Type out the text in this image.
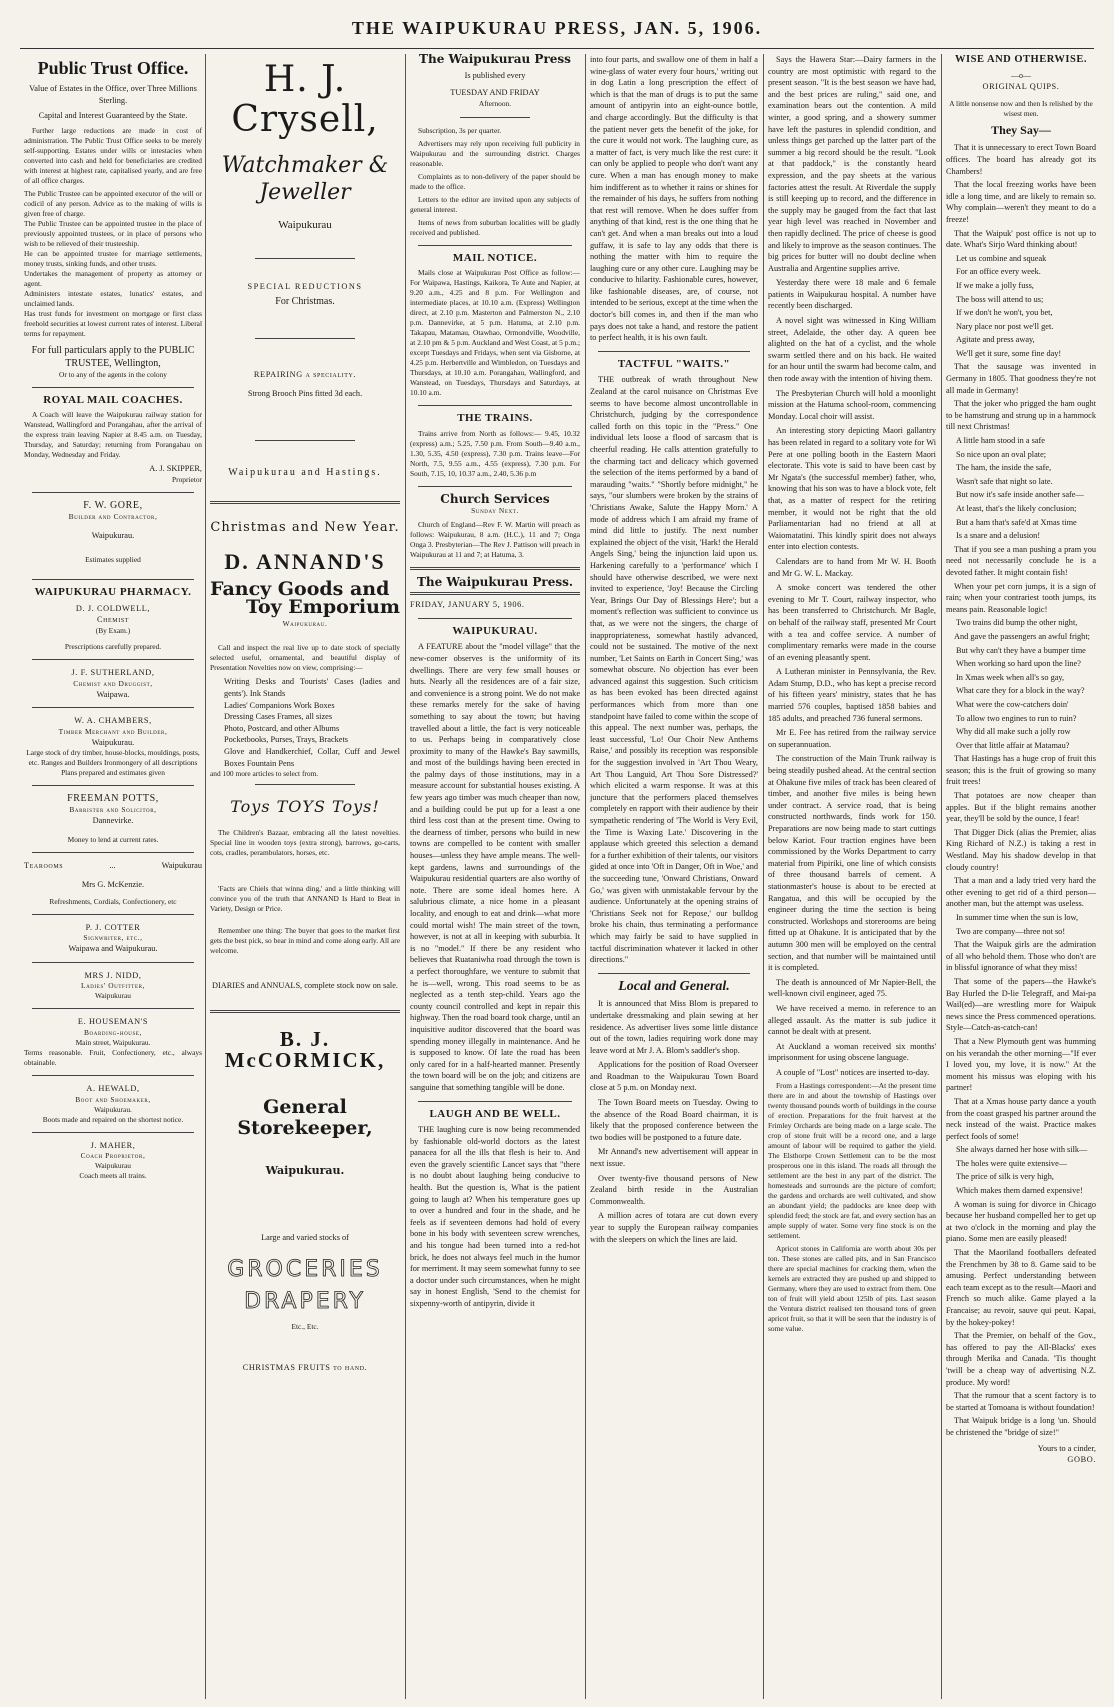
THE WAIPUKURAU PRESS, JAN. 5, 1906.
Public Trust Office.
Value of Estates in the Office, over Three Millions Sterling.
Capital and Interest Guaranteed by the State.

Further large reductions are made in cost of administration. The Public Trust Office seeks to be merely self-supporting. Estates under wills or intestacies when converted into cash and held for beneficiaries are credited with interest at highest rate, capitalised yearly, and are free of all office charges.

The Public Trustee can be appointed executor of the will or codicil of any person. Advice as to the making of wills is given free of charge.
The Public Trustee can be appointed trustee in the place of previously appointed trustees, or in place of persons who wish to be relieved of their trusteeship.
He can be appointed trustee for marriage settlements, money trusts, sinking funds, and other trusts.
Undertakes the management of property as attorney or agent.
Administers intestate estates, lunatics' estates, and unclaimed lands.
Has trust funds for investment on mortgage or first class freehold securities at lowest current rates of interest. Liberal terms for repayment.
For full particulars apply to the PUBLIC TRUSTEE, Wellington,
Or to any of the agents in the colony
ROYAL MAIL COACHES.

A Coach will leave the Waipukurau railway station for Wanstead, Wallingford and Porangahau, after the arrival of the express train leaving Napier at 8.45 a.m. on Tuesday, Thursday, and Saturday; returning from Porangahau on Monday, Wednesday and Friday.

A. J. SKIPPER,
Proprietor
F. W. GORE,
Builder and Contractor,
Waipukurau.
Estimates supplied
WAIPUKURAU PHARMACY.
D. J. COLDWELL,
Chemist
(By Exam.)
Prescriptions carefully prepared.
J. F. SUTHERLAND,
Chemist and Druggist,
Waipawa.
W. A. CHAMBERS,
Timber Merchant and Builder,
Waipukurau.
Large stock of dry timber, house-blocks, mouldings, posts, etc. Ranges and Builders Ironmongery of all descriptions
Plans prepared and estimates given
FREEMAN POTTS,
Barrister and Solicitor,
Dannevirke.
Money to lend at current rates.
Tearooms	...	Waipukurau
Mrs G. McKenzie.
Refreshments, Cordials, Confectionery, etc
P. J. COTTER
Signwriter, etc.,
Waipawa and Waipukurau.
MRS J. NIDD,
Ladies' Outfitter,
Waipukurau
E. HOUSEMAN'S
Boarding-house,
Main street, Waipukurau.
Terms reasonable. Fruit, Confectionery, etc., always obtainable.
A. HEWALD,
Boot and Shoemaker,
Waipukurau.
Boots made and repaired on the shortest notice.
J. MAHER,
Coach Proprietor,
Waipukurau
Coach meets all trains.
H. J. Crysell,
Watchmaker & Jeweller
Waipukurau
SPECIAL REDUCTIONS
For Christmas.
REPAIRING a speciality.
Strong Brooch Pins fitted 3d each.
Waipukurau and Hastings.
Christmas and New Year.
D. ANNAND'S
Fancy Goods and
Toy Emporium
Waipukurau.

Call and inspect the real live up to date stock of specially selected useful, ornamental, and beautiful display of Presentation Novelties now on view, comprising:—

Writing Desks and Tourists' Cases (ladies and gents'). Ink Stands
Ladies' Companions Work Boxes
Dressing Cases Frames, all sizes
Photo, Postcard, and other Albums
Pocketbooks, Purses, Trays, Brackets
Glove and Handkerchief, Collar, Cuff and Jewel Boxes Fountain Pens
and 100 more articles to select from.
Toys TOYS Toys!

The Children's Bazaar, embracing all the latest novelties. Special line in wooden toys (extra strong), barrows, go-carts, cots, cradles, perambulators, horses, etc.

'Facts are Chiels that winna ding,' and a little thinking will convince you of the truth that ANNAND Is Hard to Beat in Variety, Design or Price.

Remember one thing: The buyer that goes to the market first gets the best pick, so bear in mind and come along early. All are welcome.

DIARIES and ANNUALS, complete stock now on sale.
B. J. McCORMICK,
General Storekeeper,
Waipukurau.
Large and varied stocks of
GROCERIES
DRAPERY
Etc., Etc.
CHRISTMAS FRUITS to hand.
The Waipukurau Press
Is published every
TUESDAY AND FRIDAY
Afternoon.

Subscription, 3s per quarter.

Advertisers may rely upon receiving full publicity in Waipukurau and the surrounding district. Charges reasonable.

Complaints as to non-delivery of the paper should be made to the office.

Letters to the editor are invited upon any subjects of general interest.

Items of news from suburban localities will be gladly received and published.

MAIL NOTICE.

Mails close at Waipukurau Post Office as follow:— For Waipawa, Hastings, Kaikora, Te Aute and Napier, at 9.20 a.m., 4.25 and 8 p.m. For Wellington and intermediate places, at 10.10 a.m. (Express) Wellington direct, at 2.10 p.m. Masterton and Palmerston N., 2.10 p.m. Dannevirke, at 5 p.m. Hatuma, at 2.10 p.m. Takapau, Matamau, Otawhao, Ormondville, Woodville, at 2.10 pm & 5 p.m. Auckland and West Coast, at 5 p.m.; except Tuesdays and Fridays, when sent via Gisborne, at 4.25 p.m. Herbertville and Wimbledon, on Tuesdays and Thursdays, at 10.10 a.m. Porangahau, Wallingford, and Wanstead, on Tuesdays, Thursdays and Saturdays, at 10.10 a.m.

THE TRAINS.

Trains arrive from North as follows:— 9.45, 10.32 (express) a.m.; 5.25, 7.50 p.m. From South—9.40 a.m., 1.30, 5.35, 4.50 (express), 7.30 p.m. Trains leave—For North, 7.5, 9.55 a.m., 4.55 (express), 7.30 p.m. For South, 7.15, 10, 10.37 a.m., 2.40, 5.36 p.m

Church Services
Sunday Next.

Church of England—Rev F. W. Martin will preach as follows: Waipukurau, 8 a.m. (H.C.), 11 and 7; Onga Onga 3. Presbyterian—The Rev J. Pattison will preach in Waipukurau at 11 and 7; at Hatuma, 3.

The Waipukurau Press.
FRIDAY, JANUARY 5, 1906.
WAIPUKURAU.

A FEATURE about the "model village" that the new-comer observes is the uniformity of its dwellings. There are very few small houses or huts. Nearly all the residences are of a fair size, and convenience is a strong point. We do not make these remarks merely for the sake of having something to say about the town; but having travelled about a little, the fact is very noticeable to us. Perhaps being in comparatively close proximity to many of the Hawke's Bay sawmills, and most of the buildings having been erected in the palmy days of those institutions, may in a measure account for substantial houses existing. A few years ago timber was much cheaper than now, and a building could be put up for a least a one third less cost than at the present time. Owing to the dearness of timber, persons who build in new towns are compelled to be content with smaller houses—unless they have ample means. The well-kept gardens, lawns and surroundings of the Waipukurau residential quarters are also worthy of note. There are some ideal homes here. A salubrious climate, a nice home in a pleasant locality, and enough to eat and drink—what more could mortal wish! The main street of the town, however, is not at all in keeping with suburbia. It is no "model." If there be any resident who believes that Ruataniwha road through the town is a perfect thoroughfare, we venture to submit that he is—well, wrong. This road seems to be as neglected as a tenth step-child. Years ago the county council controlled and kept in repair this highway. Then the road board took charge, until an inquisitive auditor discovered that the board was spending money illegally in maintenance. And he is supposed to know. Of late the road has been only cared for in a half-hearted manner. Presently the town board will be on the job; and citizens are sanguine that something tangible will be done.

LAUGH AND BE WELL.

THE laughing cure is now being recommended by fashionable old-world doctors as the latest panacea for all the ills that flesh is heir to. And even the gravely scientific Lancet says that "there is no doubt about laughing being conducive to health. But the question is, What is the patient going to laugh at? When his temperature goes up to over a hundred and four in the shade, and he feels as if seventeen demons had hold of every bone in his body with seventeen screw wrenches, and his tongue had been turned into a red-hot brick, he does not always feel much in the humor for merriment. It may seem somewhat funny to see a doctor under such circumstances, when he might say in honest English, 'Send to the chemist for sixpenny-worth of antipyrin, divide it

into four parts, and swallow one of them in half a wine-glass of water every four hours,' writing out in dog Latin a long prescription the effect of which is that the man of drugs is to put the same amount of antipyrin into an eight-ounce bottle, and charge accordingly. But the difficulty is that the patient never gets the benefit of the joke, for the cure it would not work. The laughing cure, as a matter of fact, is very much like the rest cure: it can only be applied to people who don't want any cure. When a man has enough money to make him indifferent as to whether it rains or shines for the remainder of his days, he suffers from nothing that rest will remove. When he does suffer from anything of that kind, rest is the one thing that he can't get. And when a man breaks out into a loud guffaw, it is safe to lay any odds that there is nothing the matter with him to require the laughing cure or any other cure. Laughing may be conducive to hilarity. Fashionable cures, however, like fashionable diseases, are, of course, not intended to be serious, except at the time when the doctor's bill comes in, and then if the man who pays does not take a hand, and restore the patient to perfect health, it is his own fault.

TACTFUL "WAITS."

THE outbreak of wrath throughout New Zealand at the carol nuisance on Christmas Eve seems to have become almost uncontrollable in Christchurch, judging by the correspondence called forth on this topic in the "Press." One individual lets loose a flood of sarcasm that is cheerful reading. He calls attention gratefully to the charming tact and delicacy which governed the selection of the items performed by a band of marauding "waits." "Shortly before midnight," he says, "our slumbers were broken by the strains of 'Christians Awake, Salute the Happy Morn.' A mode of address which I am afraid my frame of mind did little to justify. The next number explained the object of the visit, 'Hark! the Herald Angels Sing,' being the injunction laid upon us. Harkening carefully to a 'performance' which I should have otherwise described, we were next invited to experience, 'Joy! Because the Circling Year, Brings Our Day of Blessings Here'; but a moment's reflection was sufficient to convince us that, as we were not the singers, the charge of inappropriateness, somewhat hastily advanced, could not be sustained. The motive of the next number, 'Let Saints on Earth in Concert Sing,' was somewhat obscure. No objection has ever been advanced against this suggestion. Such criticism as has been evoked has been directed against performances which from more than one standpoint have failed to come within the scope of this appeal. The next number was, perhaps, the least successful, 'Lo! Our Choir New Anthems Raise,' and possibly its reception was responsible for the suggestion involved in 'Art Thou Weary, Art Thou Languid, Art Thou Sore Distressed?' which elicited a warm response. It was at this juncture that the performers placed themselves completely en rapport with their audience by their sympathetic rendering of 'The World is Very Evil, the Time is Waxing Late.' Discovering in the applause which greeted this selection a demand for a further exhibition of their talents, our visitors gided at once into 'Oft in Danger, Oft in Woe,' and the succeeding tune, 'Onward Christians, Onward Go,' was given with unmistakable fervour by the audience. Unfortunately at the opening strains of 'Christians Seek not for Repose,' our bulldog broke his chain, thus terminating a performance which may fairly be said to have supplied in tactful discrimination whatever it lacked in other directions."

Local and General.

It is announced that Miss Blom is prepared to undertake dressmaking and plain sewing at her residence. As advertiser lives some little distance out of the town, ladies requiring work done may leave word at Mr J. A. Blom's saddler's shop.

Applications for the position of Road Overseer and Roadman to the Waipukurau Town Board close at 5 p.m. on Monday next.

The Town Board meets on Tuesday. Owing to the absence of the Road Board chairman, it is likely that the proposed conference between the two bodies will be postponed to a future date.

Mr Annand's new advertisement will appear in next issue.

Over twenty-five thousand persons of New Zealand birth reside in the Australian Commonwealth.

A million acres of totara are cut down every year to supply the European railway companies with the sleepers on which the lines are laid.

Says the Hawera Star:—Dairy farmers in the country are most optimistic with regard to the present season. "It is the best season we have had, and the best prices are ruling," said one, and examination bears out the contention. A mild winter, a good spring, and a showery summer have left the pastures in splendid condition, and unless things get parched up the latter part of the summer a big record should be the result. "Look at that paddock," is the constantly heard expression, and the pay sheets at the various factories attest the result. At Riverdale the supply is still keeping up to record, and the difference in the supply may be gauged from the fact that last year high level was reached in November and then rapidly declined. The price of cheese is good and likely to improve as the season continues. The big prices for butter will no doubt decline when Australia and Argentine supplies arrive.

Yesterday there were 18 male and 6 female patients in Waipukurau hospital. A number have recently been discharged.

A novel sight was witnessed in King William street, Adelaide, the other day. A queen bee alighted on the hat of a cyclist, and the whole swarm settled there and on his back. He waited for an hour until the swarm had become calm, and then rode away with the intention of hiving them.

The Presbyterian Church will hold a moonlight mission at the Hatuma school-room, commencing Monday. Local choir will assist.

An interesting story depicting Maori gallantry has been related in regard to a solitary vote for Wi Pere at one polling booth in the Eastern Maori electorate. This vote is said to have been cast by Mr Ngata's (the successful member) father, who, knowing that his son was to have a block vote, felt that, as a matter of respect for the retiring member, it would not be right that the old Parliamentarian had no friend at all at Waiomatatini. This kindly spirit does not always enter into election contests.

Calendars are to hand from Mr W. H. Booth and Mr G. W. L. Mackay.

A smoke concert was tendered the other evening to Mr T. Court, railway inspector, who has been transferred to Christchurch. Mr Bagle, on behalf of the railway staff, presented Mr Court with a tea and coffee service. A number of complimentary remarks were made in the course of an evening pleasantly spent.

A Lutheran minister in Pennsylvania, the Rev. Adam Stump, D.D., who has kept a precise record of his fifteen years' ministry, states that he has married 576 couples, baptised 1858 babies and 185 adults, and preached 736 funeral sermons.

Mr E. Fee has retired from the railway service on superannuation.

The construction of the Main Trunk railway is being steadily pushed ahead. At the central section at Ohakune five miles of track has been cleared of timber, and another five miles is being hewn under contract. A service road, that is being constructed northwards, finds work for 150. Preparations are now being made to start cuttings below Kariot. Four traction engines have been commissioned by the Works Department to carry material from Pipiriki, one line of which consists of three thousand barrels of cement. A stationmaster's house is about to be erected at Rangatua, and this will be occupied by the engineer during the time the section is being constructed. Workshops and storerooms are being fitted up at Ohakune. It is anticipated that by the autumn 300 men will be employed on the central section, and that number will be maintained until it is completed.

The death is announced of Mr Napier-Bell, the well-known civil engineer, aged 75.

We have received a memo. in reference to an alleged assault. As the matter is sub judice it cannot be dealt with at present.

At Auckland a woman received six months' imprisonment for using obscene language.

A couple of "Lost" notices are inserted to-day.

From a Hastings correspondent:—At the present time there are in and about the township of Hastings over twenty thousand pounds worth of buildings in the course of erection. Preparations for the fruit harvest at the Frimley Orchards are being made on a large scale. The crop of stone fruit will be a record one, and a large amount of labour will be required to gather the yield. The Elsthorpe Crown Settlement can to be the most prosperous one in this island. The roads all through the settlement are the best in any part of the district. The homesteads and surrounds are the picture of comfort; the gardens and orchards are well cultivated, and show an abundant yield; the paddocks are knee deep with splendid feed; the stock are fat, and every section has an ample supply of water. Some very fine stock is on the settlement.

Apricot stones in California are worth about 30s per ton. These stones are called pits, and in San Francisco there are special machines for cracking them, when the kernels are extracted they are pushed up and shipped to Germany, where they are used to extract from them. One ton of fruit will yield about 125lb of pits. Last season the Ventura district realised ten thousand tons of green apricot fruit, so that it will be seen that the industry is of some value.

WISE AND OTHERWISE.
—o—
ORIGINAL QUIPS.
A little nonsense now and then Is relished by the wisest men.
They Say—
That it is unnecessary to erect Town Board offices. The board has already got its Chambers!
That the local freezing works have been idle a long time, and are likely to remain so. Why complain—weren't they meant to do a freeze!
That the Waipuk' post office is not up to date. What's Sirjo Ward thinking about!
Let us combine and squeak
For an office every week.
If we make a jolly fuss,
The boss will attend to us;
If we don't he won't, you bet,
Nary place nor post we'll get.
Agitate and press away,
We'll get it sure, some fine day!
That the sausage was invented in Germany in 1805. That goodness they're not all made in Germany!
That the joker who prigged the ham ought to be hamstrung and strung up in a hammock till next Christmas!
A little ham stood in a safe
So nice upon an oval plate;
The ham, the inside the safe,
Wasn't safe that night so late.
But now it's safe inside another safe—
At least, that's the likely conclusion;
But a ham that's safe'd at Xmas time
Is a snare and a delusion!
That if you see a man pushing a pram you need not necessarily conclude he is a devoted father. It might contain fish!
When your pet corn jumps, it is a sign of rain; when your contrariest tooth jumps, its means pain. Reasonable logic!
Two trains did bump the other night,
And gave the passengers an awful fright;
But why can't they have a bumper time
When working so hard upon the line?
In Xmas week when all's so gay,
What care they for a block in the way?
What were the cow-catchers doin'
To allow two engines to run to ruin?
Why did all make such a jolly row
Over that little affair at Matamau?
That Hastings has a huge crop of fruit this season; this is the fruit of growing so many fruit trees!
That potatoes are now cheaper than apples. But if the blight remains another year, they'll be sold by the ounce, I fear!
That Digger Dick (alias the Premier, alias King Richard of N.Z.) is taking a rest in Westland. May his shadow develop in that cloudy country!
That a man and a lady tried very hard the other evening to get rid of a third person—another man, but the attempt was useless.
In summer time when the sun is low,
Two are company—three not so!
That the Waipuk girls are the admiration of all who behold them. Those who don't are in blissful ignorance of what they miss!
That some of the papers—the Hawke's Bay Hurled the D-lie Telegraff, and Mai-pa Wail(ed)—are wrestling more for Waipuk news since the Press commenced operations. Style—Catch-as-catch-can!
That a New Plymouth gent was humming on his verandah the other morning—"If ever I loved you, my love, it is now." At the moment his missus was eloping with his partner!
That at a Xmas house party dance a youth from the coast grasped his partner around the neck instead of the waist. Practice makes perfect fools of some!
She always darned her hose with silk—
The holes were quite extensive—
The price of silk is very high,
Which makes them darned expensive!
A woman is suing for divorce in Chicago because her husband compelled her to get up at two o'clock in the morning and play the piano. Some men are easily pleased!
That the Maoriland footballers defeated the Frenchmen by 38 to 8. Game said to be amusing. Perfect understanding between each team except as to the result—Maori and French so much alike. Game played a la Francaise; au revoir, sauve qui peut. Kapai, by the hokey-pokey!
That the Premier, on behalf of the Gov., has offered to pay the All-Blacks' exes through Merika and Canada. 'Tis thought 'twill be a cheap way of advertising N.Z. produce. My word!
That the rumour that a scent factory is to be started at Tomoana is without foundation!
That Waipuk bridge is a long 'un. Should be christened the "bridge of size!"
Yours to a cinder,
GOBO.
